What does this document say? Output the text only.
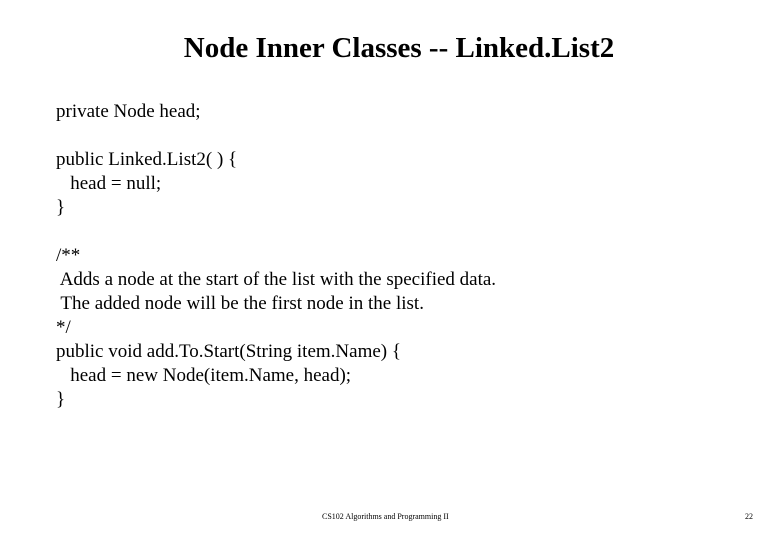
Node Inner Classes -- Linked.List2
private Node head;
public Linked.List2( ) {
head = null;
}
/**
Adds a node at the start of the list with the specified data.
The added node will be the first node in the list.
*/
public void add.To.Start(String item.Name) {
head = new Node(item.Name, head);
}
CS102 Algorithms and Programming II	22
